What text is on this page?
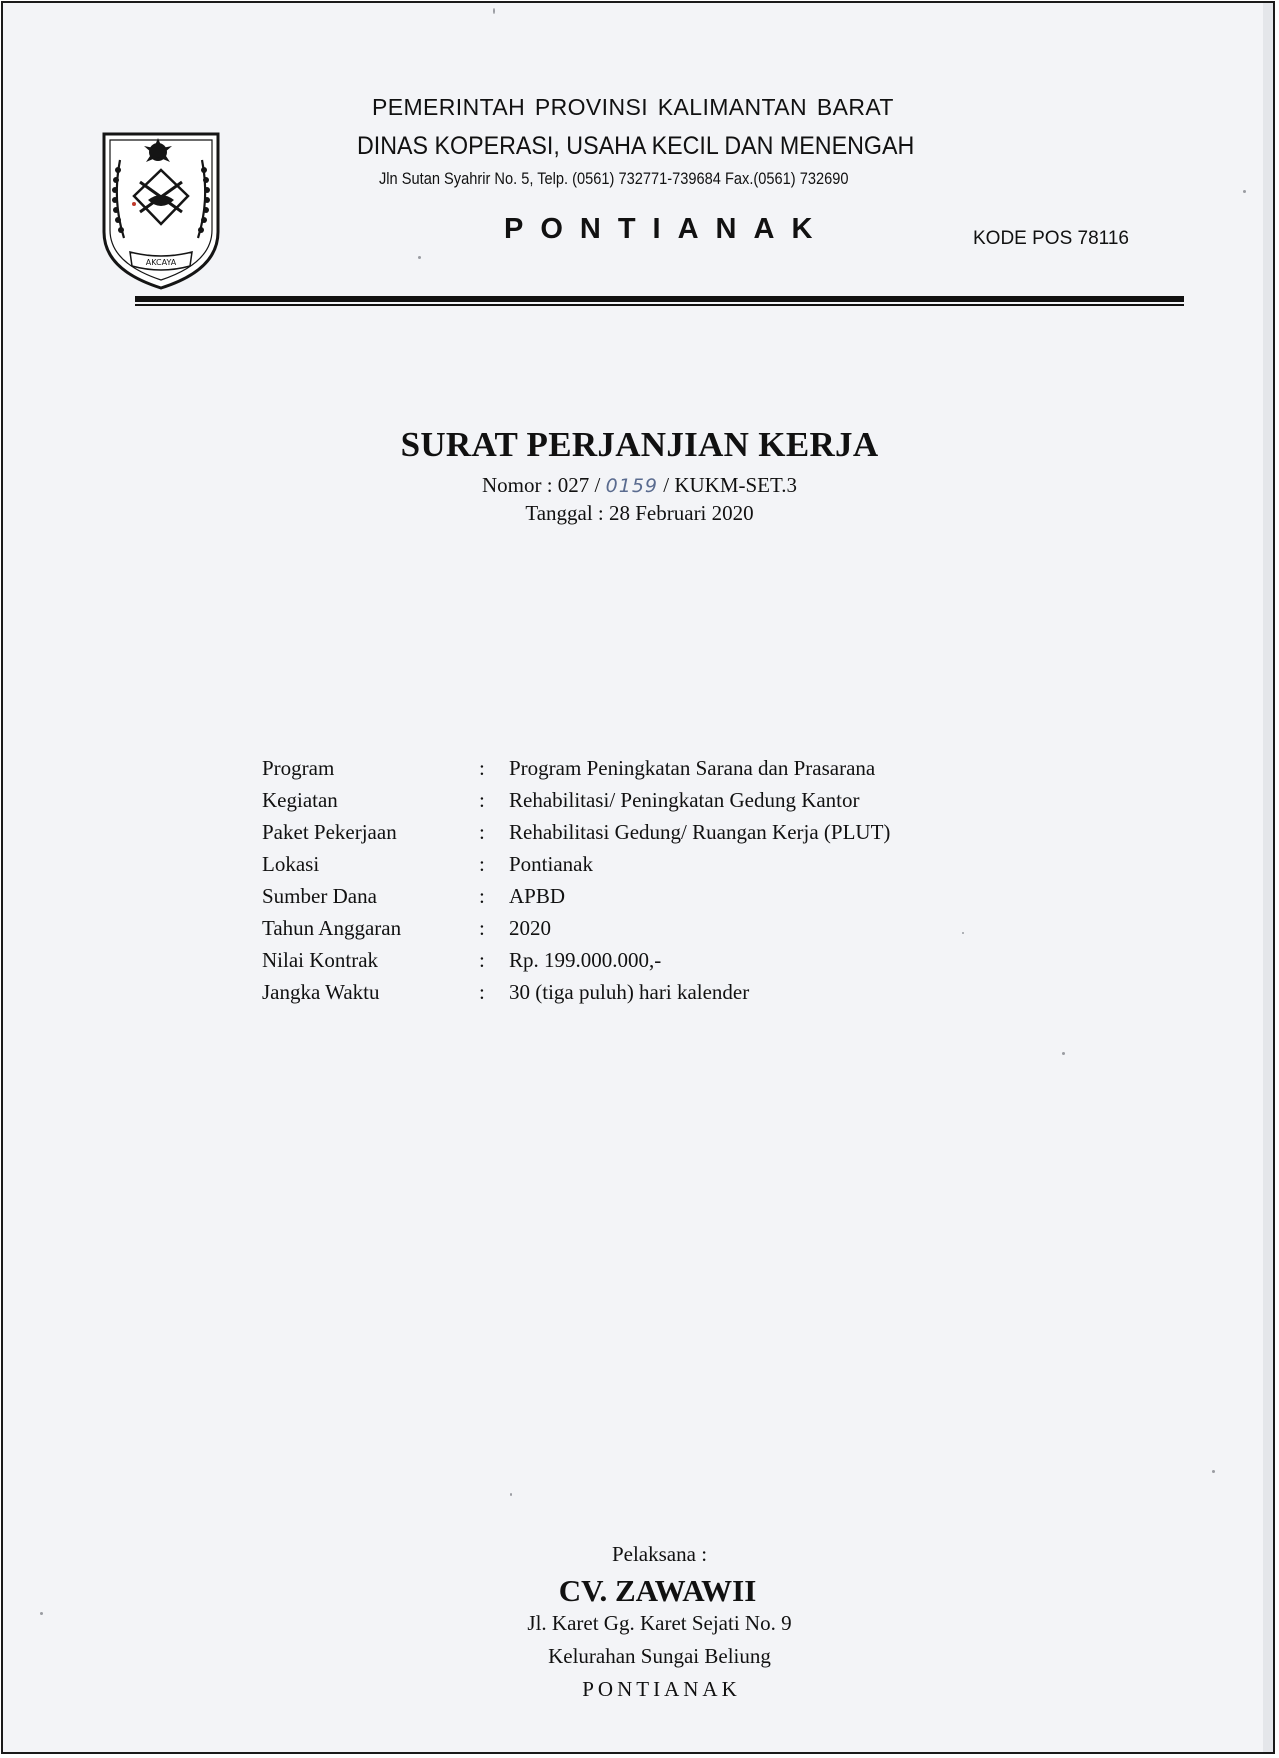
AKCAYA
PEMERINTAH PROVINSI KALIMANTAN BARAT
DINAS KOPERASI, USAHA KECIL DAN MENENGAH
Jln Sutan Syahrir No. 5, Telp. (0561) 732771-739684 Fax.(0561) 732690
PONTIANAK	KODE POS 78116
SURAT PERJANJIAN KERJA
Nomor : 027 / 0159 / KUKM-SET.3
Tanggal : 28 Februari 2020
Program	: Program Peningkatan Sarana dan Prasarana
Kegiatan	: Rehabilitasi/ Peningkatan Gedung Kantor
Paket Pekerjaan	: Rehabilitasi Gedung/ Ruangan Kerja (PLUT)
Lokasi	: Pontianak
Sumber Dana	: APBD
Tahun Anggaran	: 2020
Nilai Kontrak	: Rp. 199.000.000,-
Jangka Waktu	: 30 (tiga puluh) hari kalender
Pelaksana :
CV. ZAWAWII
Jl. Karet Gg. Karet Sejati No. 9
Kelurahan Sungai Beliung
PONTIANAK
